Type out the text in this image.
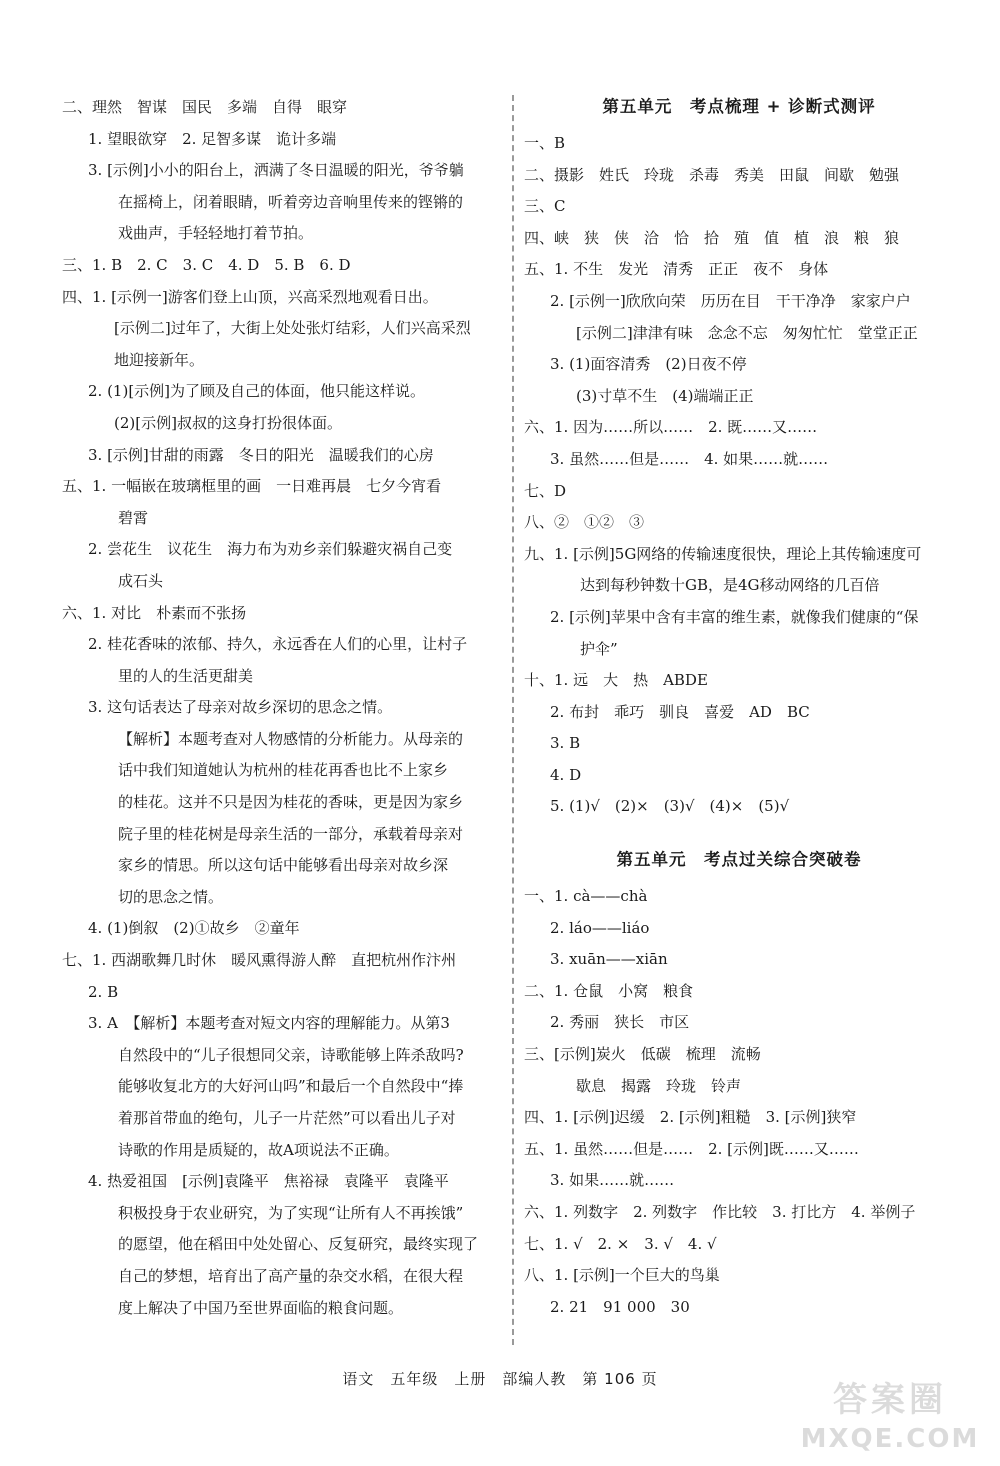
二、理然　智谋　国民　多端　自得　眼穿
1. 望眼欲穿　2. 足智多谋　诡计多端
3. [示例]小小的阳台上，洒满了冬日温暖的阳光，爷爷躺
在摇椅上，闭着眼睛，听着旁边音响里传来的铿锵的
戏曲声，手轻轻地打着节拍。
三、1. B　2. C　3. C　4. D　5. B　6. D
四、1. [示例一]游客们登上山顶，兴高采烈地观看日出。
[示例二]过年了，大街上处处张灯结彩，人们兴高采烈
地迎接新年。
2. (1)[示例]为了顾及自己的体面，他只能这样说。
(2)[示例]叔叔的这身打扮很体面。
3. [示例]甘甜的雨露　冬日的阳光　温暖我们的心房
五、1. 一幅嵌在玻璃框里的画　一日难再晨　七夕今宵看
碧霄
2. 尝花生　议花生　海力布为劝乡亲们躲避灾祸自己变
成石头
六、1. 对比　朴素而不张扬
2. 桂花香味的浓郁、持久，永远香在人们的心里，让村子
里的人的生活更甜美
3. 这句话表达了母亲对故乡深切的思念之情。
【解析】本题考查对人物感情的分析能力。从母亲的
话中我们知道她认为杭州的桂花再香也比不上家乡
的桂花。这并不只是因为桂花的香味，更是因为家乡
院子里的桂花树是母亲生活的一部分，承载着母亲对
家乡的情思。所以这句话中能够看出母亲对故乡深
切的思念之情。
4. (1)倒叙　(2)①故乡　②童年
七、1. 西湖歌舞几时休　暖风熏得游人醉　直把杭州作汴州
2. B
3. A　【解析】本题考查对短文内容的理解能力。从第3
自然段中的“儿子很想同父亲，诗歌能够上阵杀敌吗?
能够收复北方的大好河山吗”和最后一个自然段中“捧
着那首带血的绝句，儿子一片茫然”可以看出儿子对
诗歌的作用是质疑的，故A项说法不正确。
4. 热爱祖国　[示例]袁隆平　焦裕禄　袁隆平　袁隆平
积极投身于农业研究，为了实现“让所有人不再挨饿”
的愿望，他在稻田中处处留心、反复研究，最终实现了
自己的梦想，培育出了高产量的杂交水稻，在很大程
度上解决了中国乃至世界面临的粮食问题。
第五单元　考点梳理 + 诊断式测评
一、B
二、摄影　姓氏　玲珑　杀毒　秀美　田鼠　间歇　勉强
三、C
四、峡　狭　侠　洽　恰　拾　殖　值　植　浪　粮　狼
五、1. 不生　发光　清秀　正正　夜不　身体
2. [示例一]欣欣向荣　历历在目　干干净净　家家户户
[示例二]津津有味　念念不忘　匆匆忙忙　堂堂正正
3. (1)面容清秀　(2)日夜不停
(3)寸草不生　(4)端端正正
六、1. 因为……所以……　2. 既……又……
3. 虽然……但是……　4. 如果……就……
七、D
八、②　①②　③
九、1. [示例]5G网络的传输速度很快，理论上其传输速度可
达到每秒钟数十GB，是4G移动网络的几百倍
2. [示例]苹果中含有丰富的维生素，就像我们健康的“保
护伞”
十、1. 远　大　热　ABDE
2. 布封　乖巧　驯良　喜爱　AD　BC
3. B
4. D
5. (1)√　(2)×　(3)√　(4)×　(5)√
第五单元　考点过关综合突破卷
一、1. cà——chà
2. láo——liáo
3. xuān——xiān
二、1. 仓鼠　小窝　粮食
2. 秀丽　狭长　市区
三、[示例]炭火　低碳　梳理　流畅
歇息　揭露　玲珑　铃声
四、1. [示例]迟缓　2. [示例]粗糙　3. [示例]狭窄
五、1. 虽然……但是……　2. [示例]既……又……
3. 如果……就……
六、1. 列数字　2. 列数字　作比较　3. 打比方　4. 举例子
七、1. √　2. ×　3. √　4. √
八、1. [示例]一个巨大的鸟巢
2. 21　91 000　30
语文　五年级　上册　部编人教　第 106 页
答案圈
MXQE.COM
